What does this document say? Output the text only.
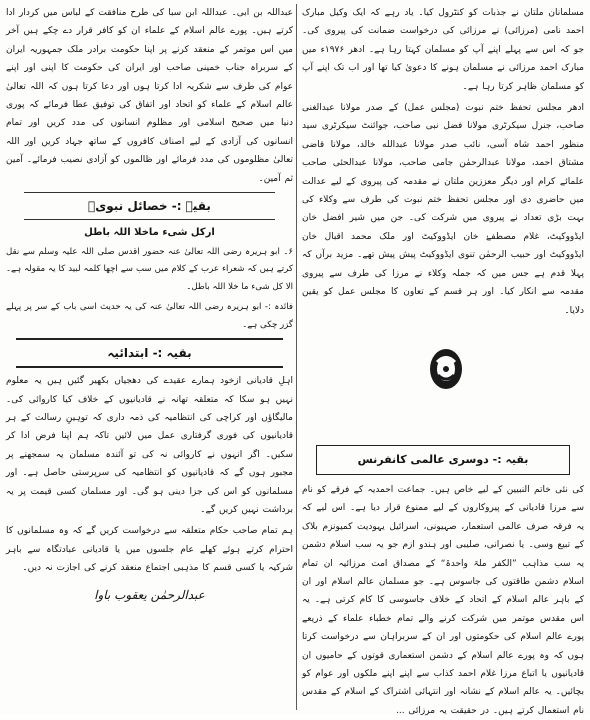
مسلمانان ملتان نے جذبات کو کنٹرول کیا۔ یاد رہے کہ ایک وکیل مبارک احمد نامی (مرزائی) نے مرزائی کی درخواست ضمانت کی پیروی کی۔ جو کہ اس سے پہلے اپنے آپ کو مسلمان کہتا رہا ہے۔ ادھر ۱۹۷۶ء میں مبارک احمد مرزائی نے مسلمان ہونے کا دعویٰ کیا تھا اور اب تک اپنے آپ کو مسلمان ظاہر کرتا رہا ہے۔

ادھر مجلس تحفظ ختم نبوت (مجلس عمل) کے صدر مولانا عبدالغنی صاحب، جنرل سیکرٹری مولانا فضل نبی صاحب، جوائنٹ سیکرٹری سید منظور احمد شاہ آسی، نائب صدر مولانا عبدالله خالد، مولانا قاضی مشتاق احمد، مولانا عبدالرحمٰن جامی صاحب، مولانا عبدالحئی صاحب علمائے کرام اور دیگر معززین ملتان نے مقدمہ کی پیروی کے لیے عدالت میں حاضری دی اور مجلس تحفظ ختم نبوت کی طرف سے وکلاء کی بہت بڑی تعداد نے پیروی میں شرکت کی۔ جن میں شیر افضل خان ایڈووکیٹ، غلام مصطفےٰ خان ایڈووکیٹ اور ملک محمد اقبال خان ایڈووکیٹ اور حبیب الرحمٰن تنوی ایڈووکیٹ پیش پیش تھے۔ مزید برآں کہ پہلا قدم ہے جس میں کہ جملہ وکلاء نے مرزا کی طرف سے پیروی مقدمہ سے انکار کیا۔ اور ہر قسم کے تعاون کا مجلس عمل کو یقین دلایا۔

بقیہ :- دوسری عالمی کانفرنس

کی نئی خاتم النبیین کے لیے خاص ہیں۔ جماعت احمدیہ کے فرقے کو نام سے مرزا قادیانی کے پیروکاروں کے لیے ممنوع قرار دیا ہے۔ اس لیے کہ یہ فرقہ صرف عالمی استعمار، صہیونی، اسرائیل یہودیت کمیونزم بلاک کے تبیع وسی۔ یا نصرانی، صلیبی اور ہندو ازم جو یہ سب اسلام دشمن یہ سب مذاہب ”الکفر ملۃ واحدۃ“ کے مصداق امت مرزائیہ ان تمام اسلام دشمن طاقتوں کی جاسوس ہے۔ جو مسلمان عالم اسلام اور ان کے باہر عالم اسلام کے اتحاد کے خلاف جاسوسی کا کام کرتی ہے۔ یہ اس مقدس موتمر میں شرکت کرنے والے تمام خطباء علماء کے ذریعے پورے عالم اسلام کی حکومتوں اور ان کے سربراہان سے درخواست کرتا ہوں کہ وہ پورے عالم اسلام کے دشمن استعماری قوتوں کے حامیوں ان قادیانیوں یا اتباع مرزا غلام احمد کذاب سے اپنے اپنے ملکوں اور عوام کو بچائیں۔ یہ عالم اسلام کے نشانہ اور انتہائی اشتراک کے اسلام کے مقدس نام استعمال کرتے ہیں۔ در حقیقت یہ مرزائی ...

عبداللہ بن ابی۔ عبداللہ ابن سبا کی طرح منافقت کے لباس میں کردار ادا کرتے ہیں۔ پورے عالم اسلام کے علماء ان کو کافر قرار دے چکے ہیں آخر میں اس موتمر کے منعقد کرنے پر اپنا حکومت برادر ملک جمہوریہ ایران کے سربراہ جناب خمینی صاحب اور ایران کی حکومت کا اپنی اور اپنے عوام کی طرف سے شکریہ ادا کرتا ہوں اور دعا کرتا ہوں کہ اللہ تعالیٰ عالم اسلام کے علماء کو اتحاد اور اتفاق کی توفیق عطا فرمائے کہ پوری دنیا میں صحیح اسلامی اور مظلوم انسانوں کی مدد کریں اور تمام انسانوں کی آزادی کے لیے اصناف کافروں کے ساتھ جہاد کریں اور اللہ تعالیٰ مظلوموں کی مدد فرمائے اور ظالموں کو آزادی نصیب فرمائے۔ آمین ثم آمین۔

بقیہ :- خصائل نبویؐ
ارکل شیء ماخلا اللہ باطل

۶۔ ابو ہریرہ رضی اللہ تعالیٰ عنہ حضور اقدس صلی اللہ علیہ وسلم سے نقل کرتے ہیں کہ شعراء عرب کے کلام میں سب سے اچھا کلمہ لبید کا یہ مقولہ ہے۔ الا کل شیء ما خلا اللہ باطل۔

فائدہ :- ابو ہریرہ رضی اللہ تعالیٰ عنہ کی یہ حدیث اسی باب کے سر پر پہلے گزر چکی ہے۔

بقیہ :- ابتدائیہ

اہلِ قادیانی ازخود ہمارے عقیدے کی دھجیاں بکھیر گئیں ہیں یہ معلوم نہیں ہو سکا کہ متعلقہ تھانہ نے قادیانیوں کے خلاف کیا کاروائی کی۔ مالیگاؤں اور کراچی کی انتظامیہ کی ذمہ داری کہ توہینِ رسالت کے ہر قادیانیوں کی فوری گرفتاری عمل میں لائیں تاکہ ہم اپنا فرض ادا کر سکیں۔ اگر انہوں نے کاروائی نہ کی تو آئندہ مسلمان یہ سمجھنے پر مجبور ہوں گے کہ قادیانیوں کو انتظامیہ کی سرپرستی حاصل ہے۔ اور مسلمانوں کو اس کی جزا دینی ہو گی۔ اور مسلمان کسی قیمت پر یہ برداشت نہیں کریں گے۔

ہم تمام صاحب حکام متعلقہ سے درخواست کریں گے کہ وہ مسلمانوں کا احترام کرتے ہوئے کھلے عام جلسوں میں یا قادیانی عبادتگاہ سے باہر شرکیہ یا کسی قسم کا مذہبی اجتماع منعقد کرنے کی اجازت نہ دیں۔

عبدالرحمٰن یعقوب باوا
